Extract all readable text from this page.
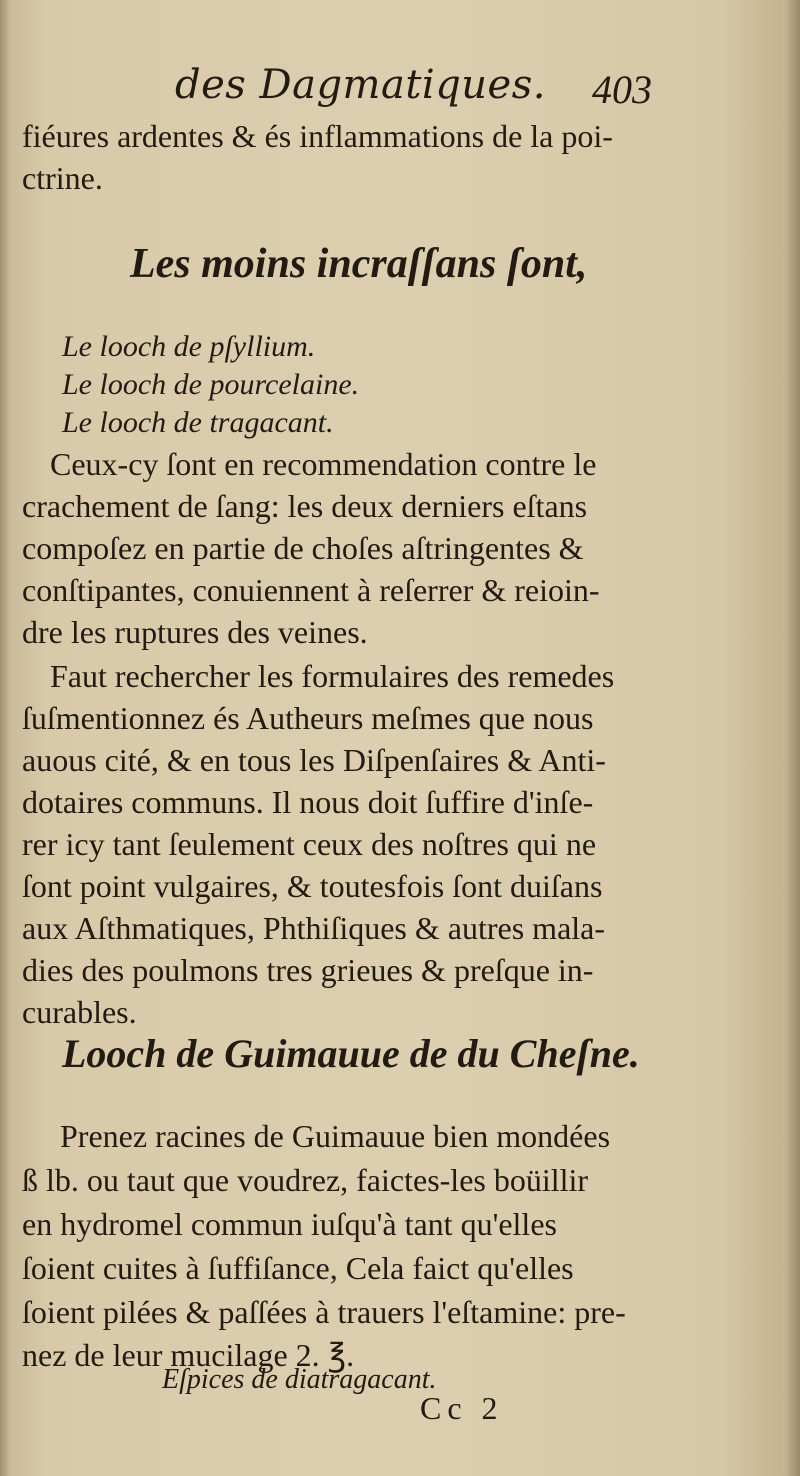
des Dagmatiques. 403
fiéures ardentes & és inflammations de la poi-
ctrine.
Les moins incraſſans ſont,
Le looch de pſyllium.
Le looch de pourcelaine.
Le looch de tragacant.
Ceux-cy ſont en recommendation contre le
crachement de ſang: les deux derniers eſtans
compoſez en partie de choſes aſtringentes &
conſtipantes, conuiennent à reſerrer & reioin-
dre les ruptures des veines.
Faut rechercher les formulaires des remedes
ſuſmentionnez és Autheurs meſmes que nous
auous cité, & en tous les Diſpenſaires & Anti-
dotaires communs. Il nous doit ſuffire d'inſe-
rer icy tant ſeulement ceux des noſtres qui ne
ſont point vulgaires, & toutesfois ſont duiſans
aux Aſthmatiques, Phthiſiques & autres mala-
dies des poulmons tres grieues & preſque in-
curables.
Looch de Guimauue de du Cheſne.
Prenez racines de Guimauue bien mondées
ß lb. ou taut que voudrez, faictes-les boüillir
en hydromel commun iuſqu'à tant qu'elles
ſoient cuites à ſuffiſance, Cela faict qu'elles
ſoient pilées & paſſées à trauers l'eſtamine: pre-
nez de leur mucilage 2. ℥.
Eſpices de diatragacant.
Cc 2
